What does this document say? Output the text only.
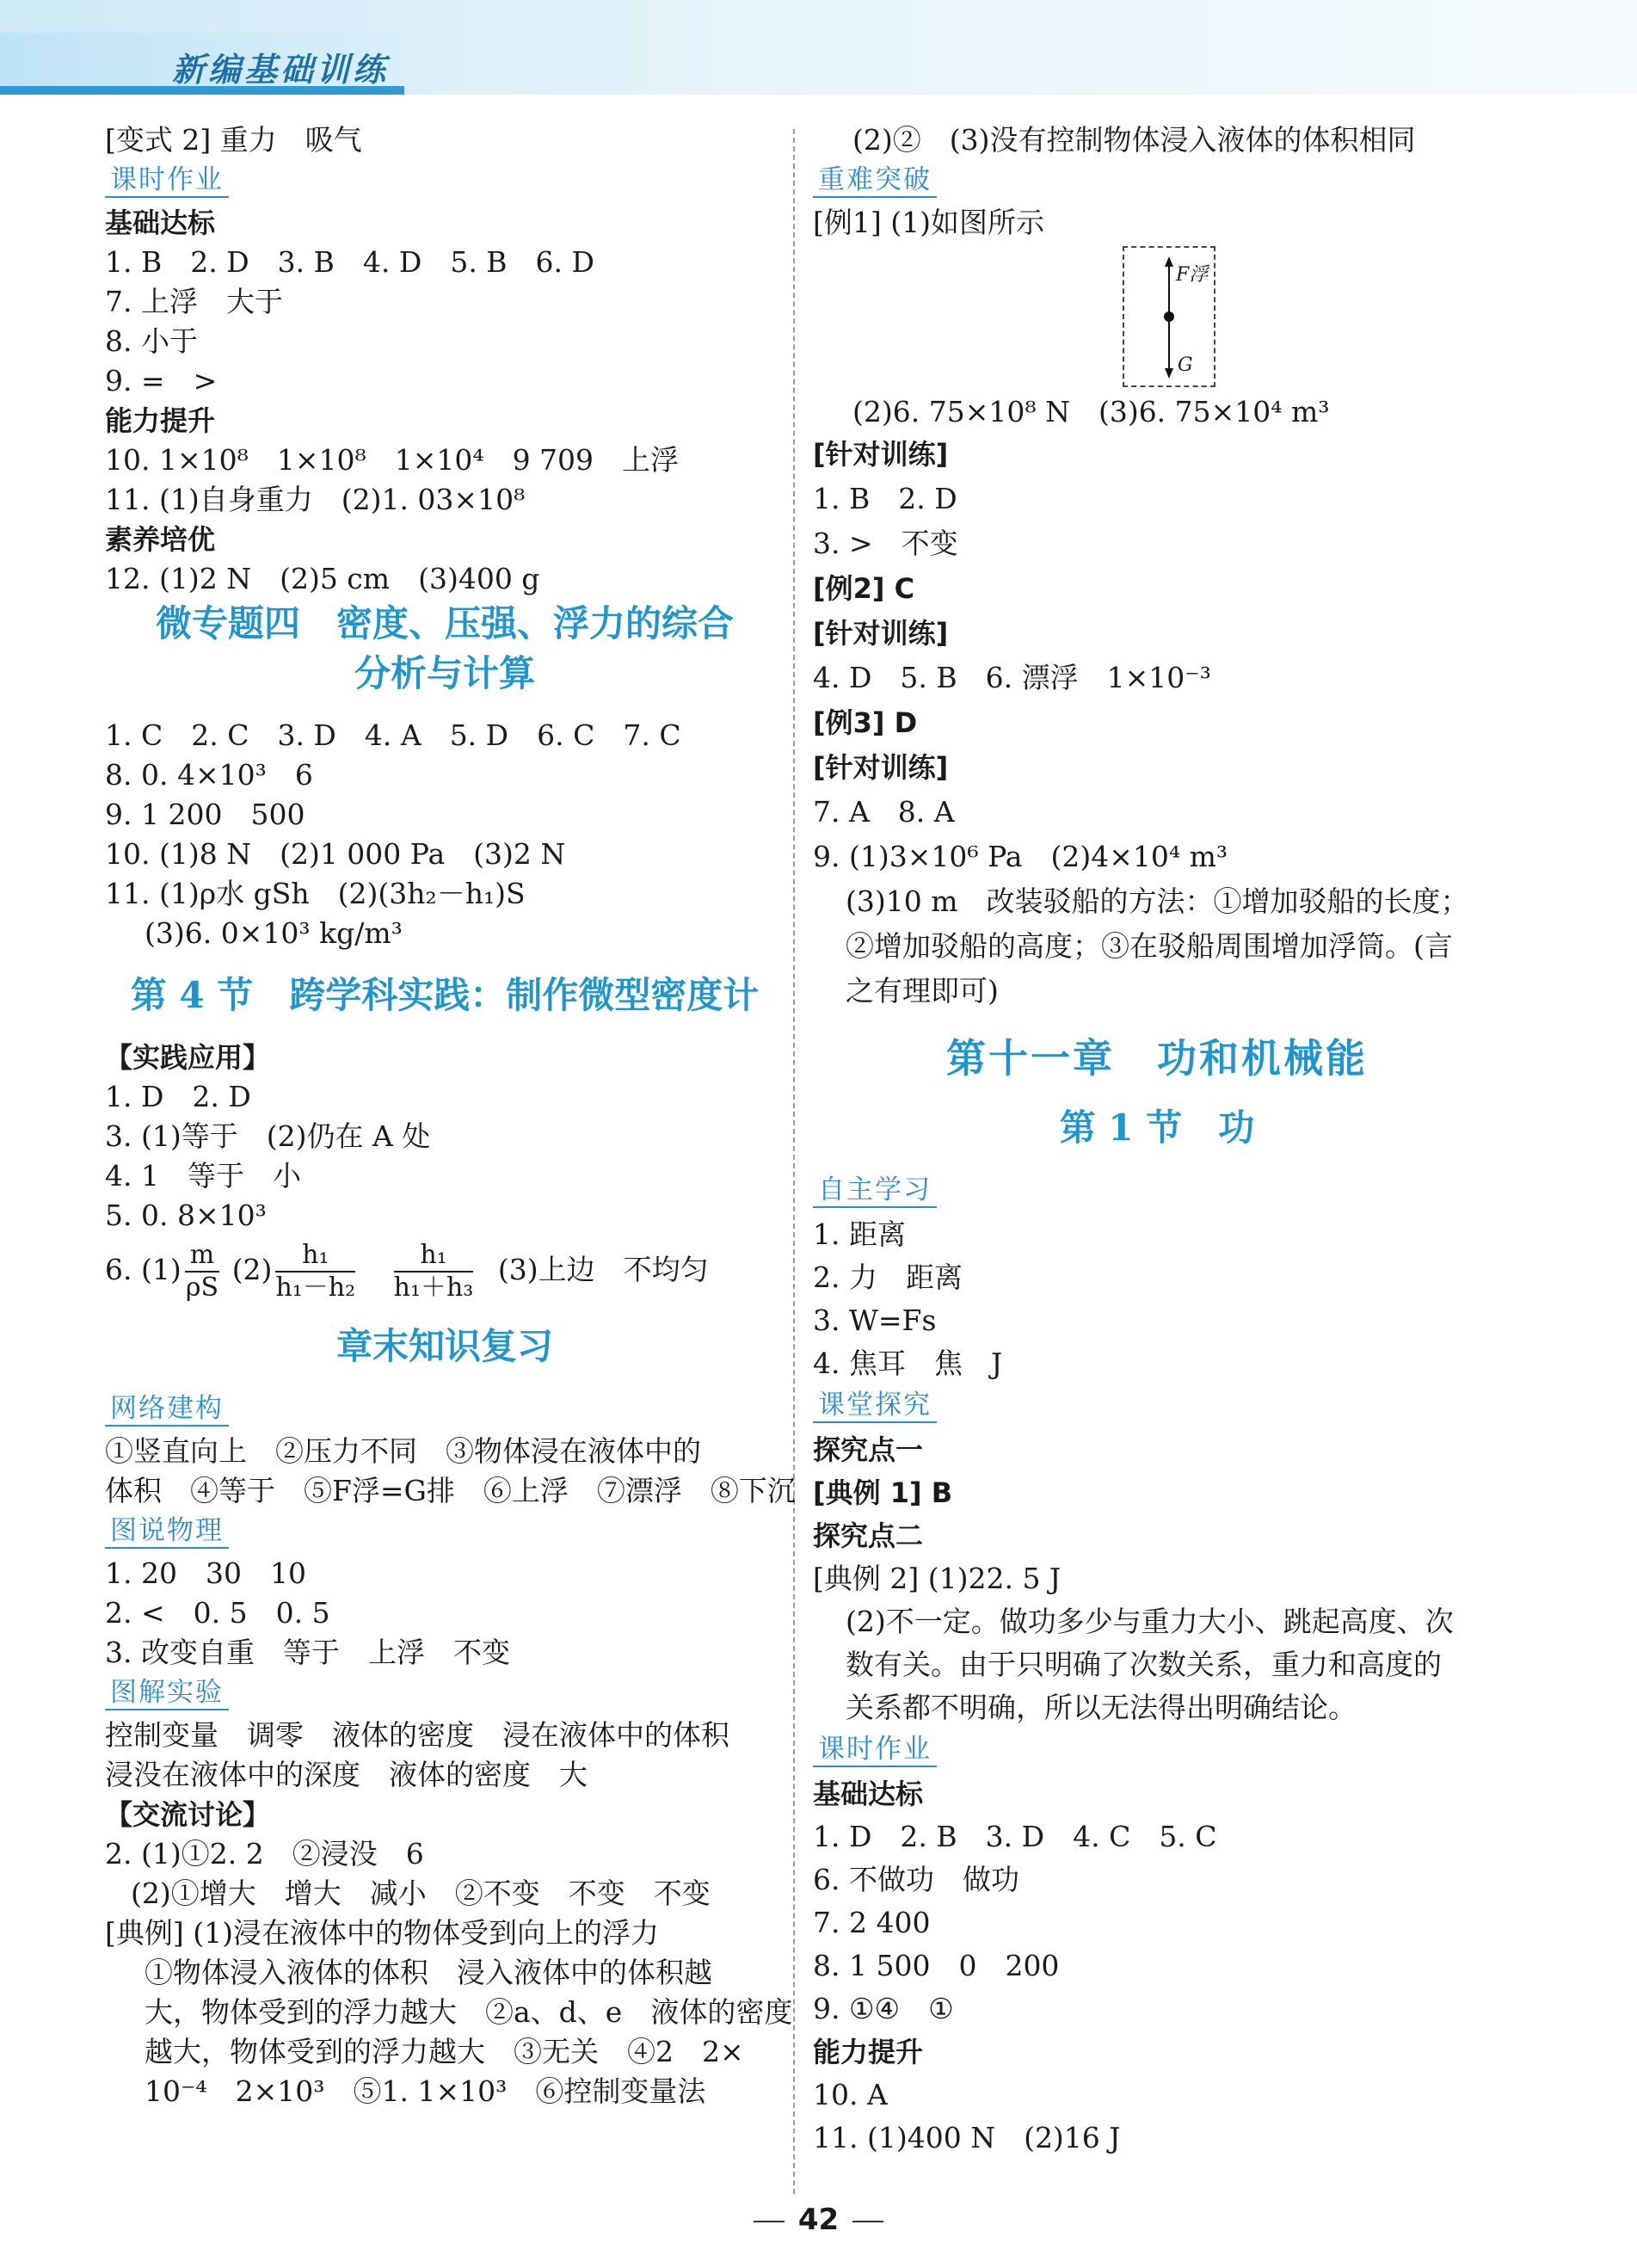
新编基础训练
[变式 2] 重力　吸气
课时作业
基础达标
1. B　2. D　3. B　4. D　5. B　6. D
7. 上浮　大于
8. 小于
9. =　>
能力提升
10. 1×10⁸　1×10⁸　1×10⁴　9 709　上浮
11. (1)自身重力　(2)1. 03×10⁸
素养培优
12. (1)2 N　(2)5 cm　(3)400 g
微专题四　密度、压强、浮力的综合
分析与计算
1. C　2. C　3. D　4. A　5. D　6. C　7. C
8. 0. 4×10³　6
9. 1 200　500
10. (1)8 N　(2)1 000 Pa　(3)2 N
11. (1)ρ水 gSh　(2)(3h₂－h₁)S
(3)6. 0×10³ kg/m³
第 4 节　跨学科实践：制作微型密度计
【实践应用】
1. D　2. D
3. (1)等于　(2)仍在 A 处
4. 1　等于　小
5. 0. 8×10³
6. $(1) \frac{m}{\rho S} (2) \frac{\text{h₁}}{\text{h₁－h₂}}$
$\frac{\text{h₁}}{\text{h₁＋h₃}} (3)$上边　不均匀
章末知识复习
网络建构
①竖直向上　②压力不同　③物体浸在液体中的
体积　④等于　⑤F浮=G排　⑥上浮　⑦漂浮　⑧下沉
图说物理
1. 20　30　10
2. <　0. 5　0. 5
3. 改变自重　等于　上浮　不变
图解实验
控制变量　调零　液体的密度　浸在液体中的体积
浸没在液体中的深度　液体的密度　大
【交流讨论】
2. (1)①2. 2　②浸没　6
(2)①增大　增大　减小　②不变　不变　不变
[典例] (1)浸在液体中的物体受到向上的浮力
①物体浸入液体的体积　浸入液体中的体积越
大，物体受到的浮力越大　②a、d、e　液体的密度
越大，物体受到的浮力越大　③无关　④2　2×
10⁻⁴　2×10³　⑤1. 1×10³　⑥控制变量法
(2)②　(3)没有控制物体浸入液体的体积相同
重难突破
[例1] (1)如图所示
F浮
G
(2)6. 75×10⁸ N　(3)6. 75×10⁴ m³
[针对训练]
1. B　2. D
3. >　不变
[例2] C
[针对训练]
4. D　5. B　6. 漂浮　1×10⁻³
[例3] D
[针对训练]
7. A　8. A
9. (1)3×10⁶ Pa　(2)4×10⁴ m³
(3)10 m　改装驳船的方法：①增加驳船的长度；
②增加驳船的高度；③在驳船周围增加浮筒。(言
之有理即可)
第十一章　功和机械能
第 1 节　功
自主学习
1. 距离
2. 力　距离
3. W=Fs
4. 焦耳　焦　J
课堂探究
探究点一
[典例 1] B
探究点二
[典例 2] (1)22. 5 J
(2)不一定。做功多少与重力大小、跳起高度、次
数有关。由于只明确了次数关系，重力和高度的
关系都不明确，所以无法得出明确结论。
课时作业
基础达标
1. D　2. B　3. D　4. C　5. C
6. 不做功　做功
7. 2 400
8. 1 500　0　200
9. ①④　①
能力提升
10. A
11. (1)400 N　(2)16 J
42
